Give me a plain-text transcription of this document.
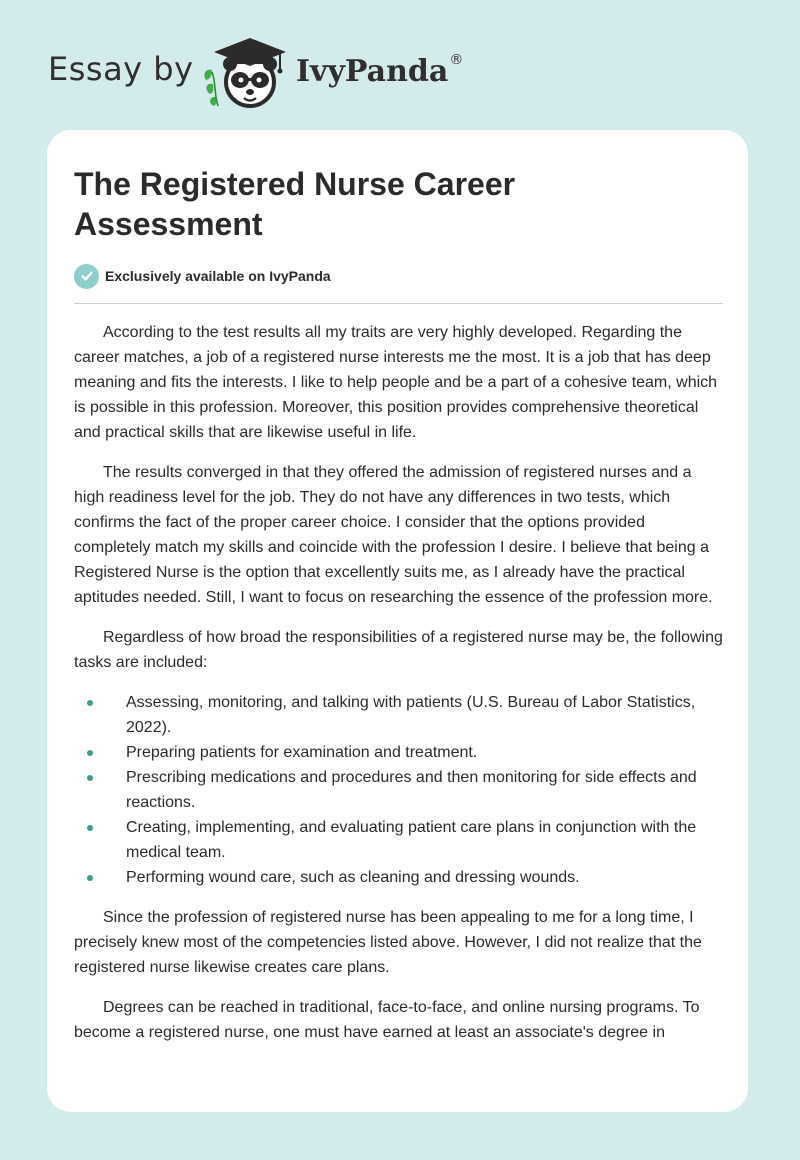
Essay by	IvyPanda®
The Registered Nurse Career Assessment
Exclusively available on IvyPanda

According to the test results all my traits are very highly developed. Regarding the career matches, a job of a registered nurse interests me the most. It is a job that has deep meaning and fits the interests. I like to help people and be a part of a cohesive team, which is possible in this profession. Moreover, this position provides comprehensive theoretical and practical skills that are likewise useful in life.

The results converged in that they offered the admission of registered nurses and a high readiness level for the job. They do not have any differences in two tests, which confirms the fact of the proper career choice. I consider that the options provided completely match my skills and coincide with the profession I desire. I believe that being a Registered Nurse is the option that excellently suits me, as I already have the practical aptitudes needed. Still, I want to focus on researching the essence of the profession more.

Regardless of how broad the responsibilities of a registered nurse may be, the following tasks are included:

Assessing, monitoring, and talking with patients (U.S. Bureau of Labor Statistics, 2022).
Preparing patients for examination and treatment.
Prescribing medications and procedures and then monitoring for side effects and reactions.
Creating, implementing, and evaluating patient care plans in conjunction with the medical team.
Performing wound care, such as cleaning and dressing wounds.

Since the profession of registered nurse has been appealing to me for a long time, I precisely knew most of the competencies listed above. However, I did not realize that the registered nurse likewise creates care plans.

Degrees can be reached in traditional, face-to-face, and online nursing programs. To become a registered nurse, one must have earned at least an associate's degree in
